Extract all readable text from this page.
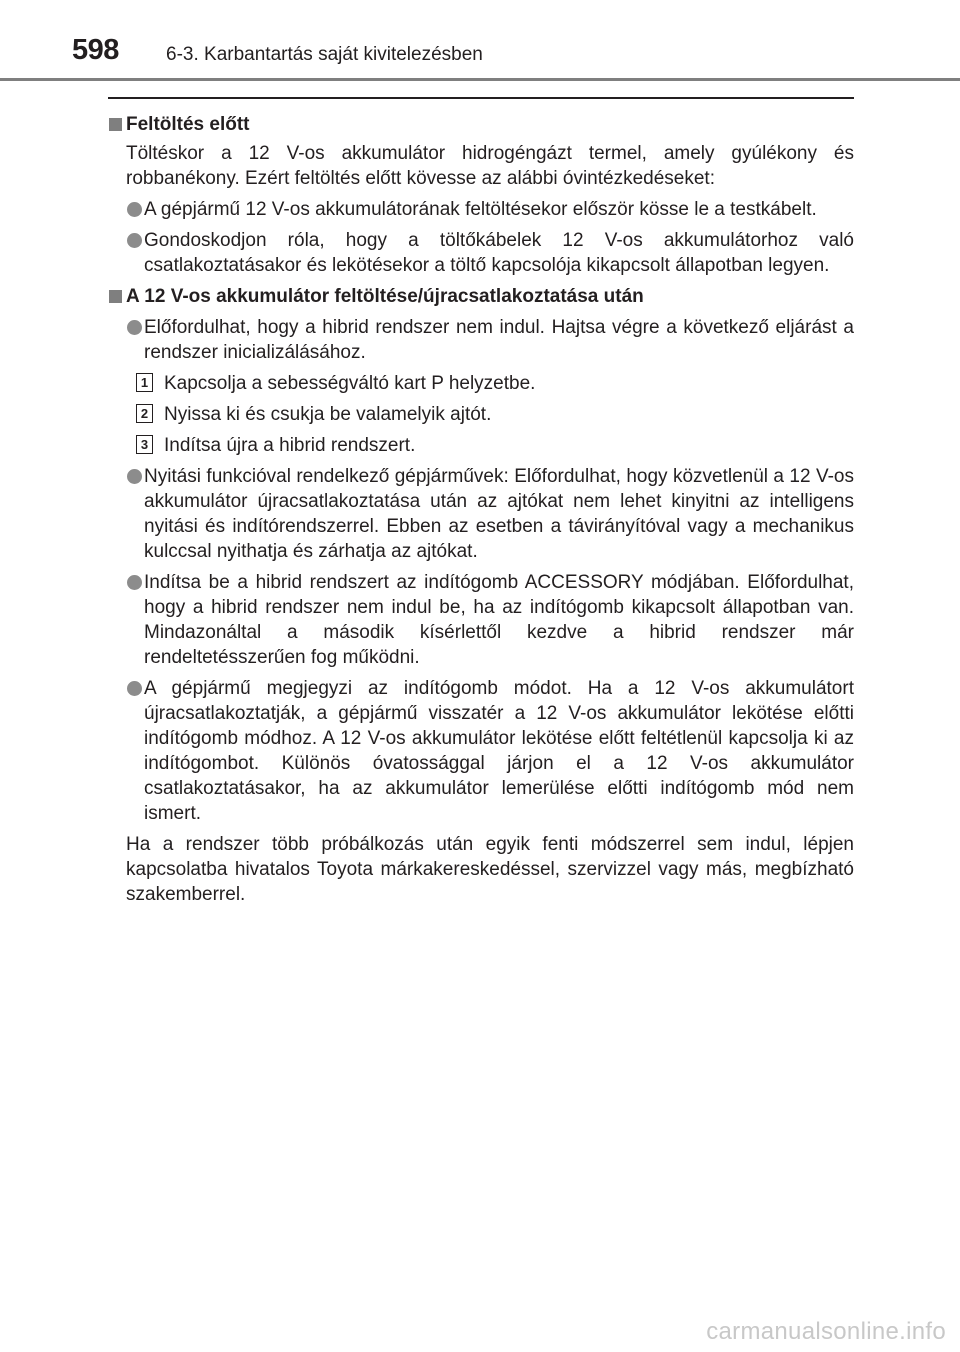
598 6-3. Karbantartás saját kivitelezésben
Feltöltés előtt
Töltéskor a 12 V-os akkumulátor hidrogéngázt termel, amely gyúlékony és robbanékony. Ezért feltöltés előtt kövesse az alábbi óvintézkedéseket:
A gépjármű 12 V-os akkumulátorának feltöltésekor először kösse le a testkábelt.
Gondoskodjon róla, hogy a töltőkábelek 12 V-os akkumulátorhoz való csatlakoztatásakor és lekötésekor a töltő kapcsolója kikapcsolt állapotban legyen.
A 12 V-os akkumulátor feltöltése/újracsatlakoztatása után
Előfordulhat, hogy a hibrid rendszer nem indul. Hajtsa végre a következő eljárást a rendszer inicializálásához.
1 Kapcsolja a sebességváltó kart P helyzetbe.
2 Nyissa ki és csukja be valamelyik ajtót.
3 Indítsa újra a hibrid rendszert.
Nyitási funkcióval rendelkező gépjárművek: Előfordulhat, hogy közvetlenül a 12 V-os akkumulátor újracsatlakoztatása után az ajtókat nem lehet kinyitni az intelligens nyitási és indítórendszerrel. Ebben az esetben a távirányítóval vagy a mechanikus kulccsal nyithatja és zárhatja az ajtókat.
Indítsa be a hibrid rendszert az indítógomb ACCESSORY módjában. Előfordulhat, hogy a hibrid rendszer nem indul be, ha az indítógomb kikapcsolt állapotban van. Mindazonáltal a második kísérlettől kezdve a hibrid rendszer már rendeltetésszerűen fog működni.
A gépjármű megjegyzi az indítógomb módot. Ha a 12 V-os akkumulátort újracsatlakoztatják, a gépjármű visszatér a 12 V-os akkumulátor lekötése előtti indítógomb módhoz. A 12 V-os akkumulátor lekötése előtt feltétlenül kapcsolja ki az indítógombot. Különös óvatossággal járjon el a 12 V-os akkumulátor csatlakoztatásakor, ha az akkumulátor lemerülése előtti indítógomb mód nem ismert.
Ha a rendszer több próbálkozás után egyik fenti módszerrel sem indul, lépjen kapcsolatba hivatalos Toyota márkakereskedéssel, szervizzel vagy más, megbízható szakemberrel.
carmanualsonline.info
